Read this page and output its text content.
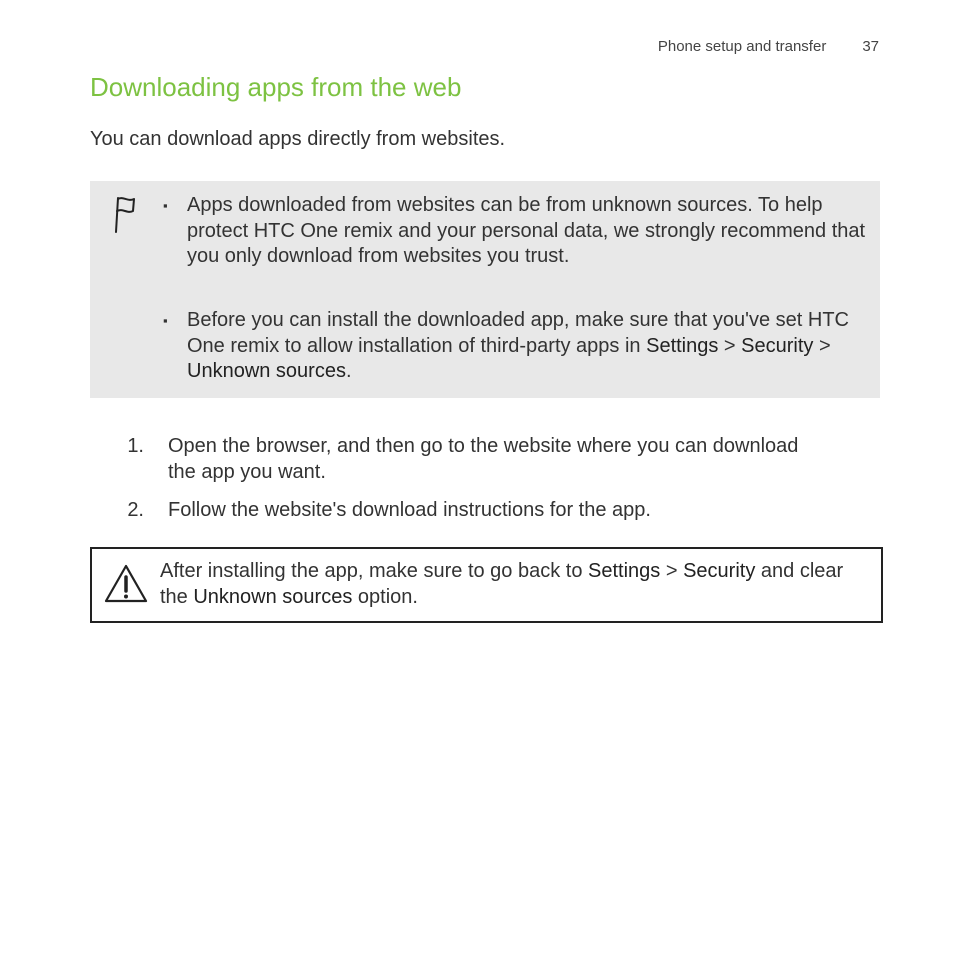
Phone setup and transfer 37
Downloading apps from the web

You can download apps directly from websites.

▪ Apps downloaded from websites can be from unknown sources. To help protect HTC One remix and your personal data, we strongly recommend that you only download from websites you trust.
▪ Before you can install the downloaded app, make sure that you've set HTC One remix to allow installation of third-party apps in Settings > Security > Unknown sources.
1. Open the browser, and then go to the website where you can download the app you want.
2. Follow the website's download instructions for the app.
After installing the app, make sure to go back to Settings > Security and clear the Unknown sources option.
